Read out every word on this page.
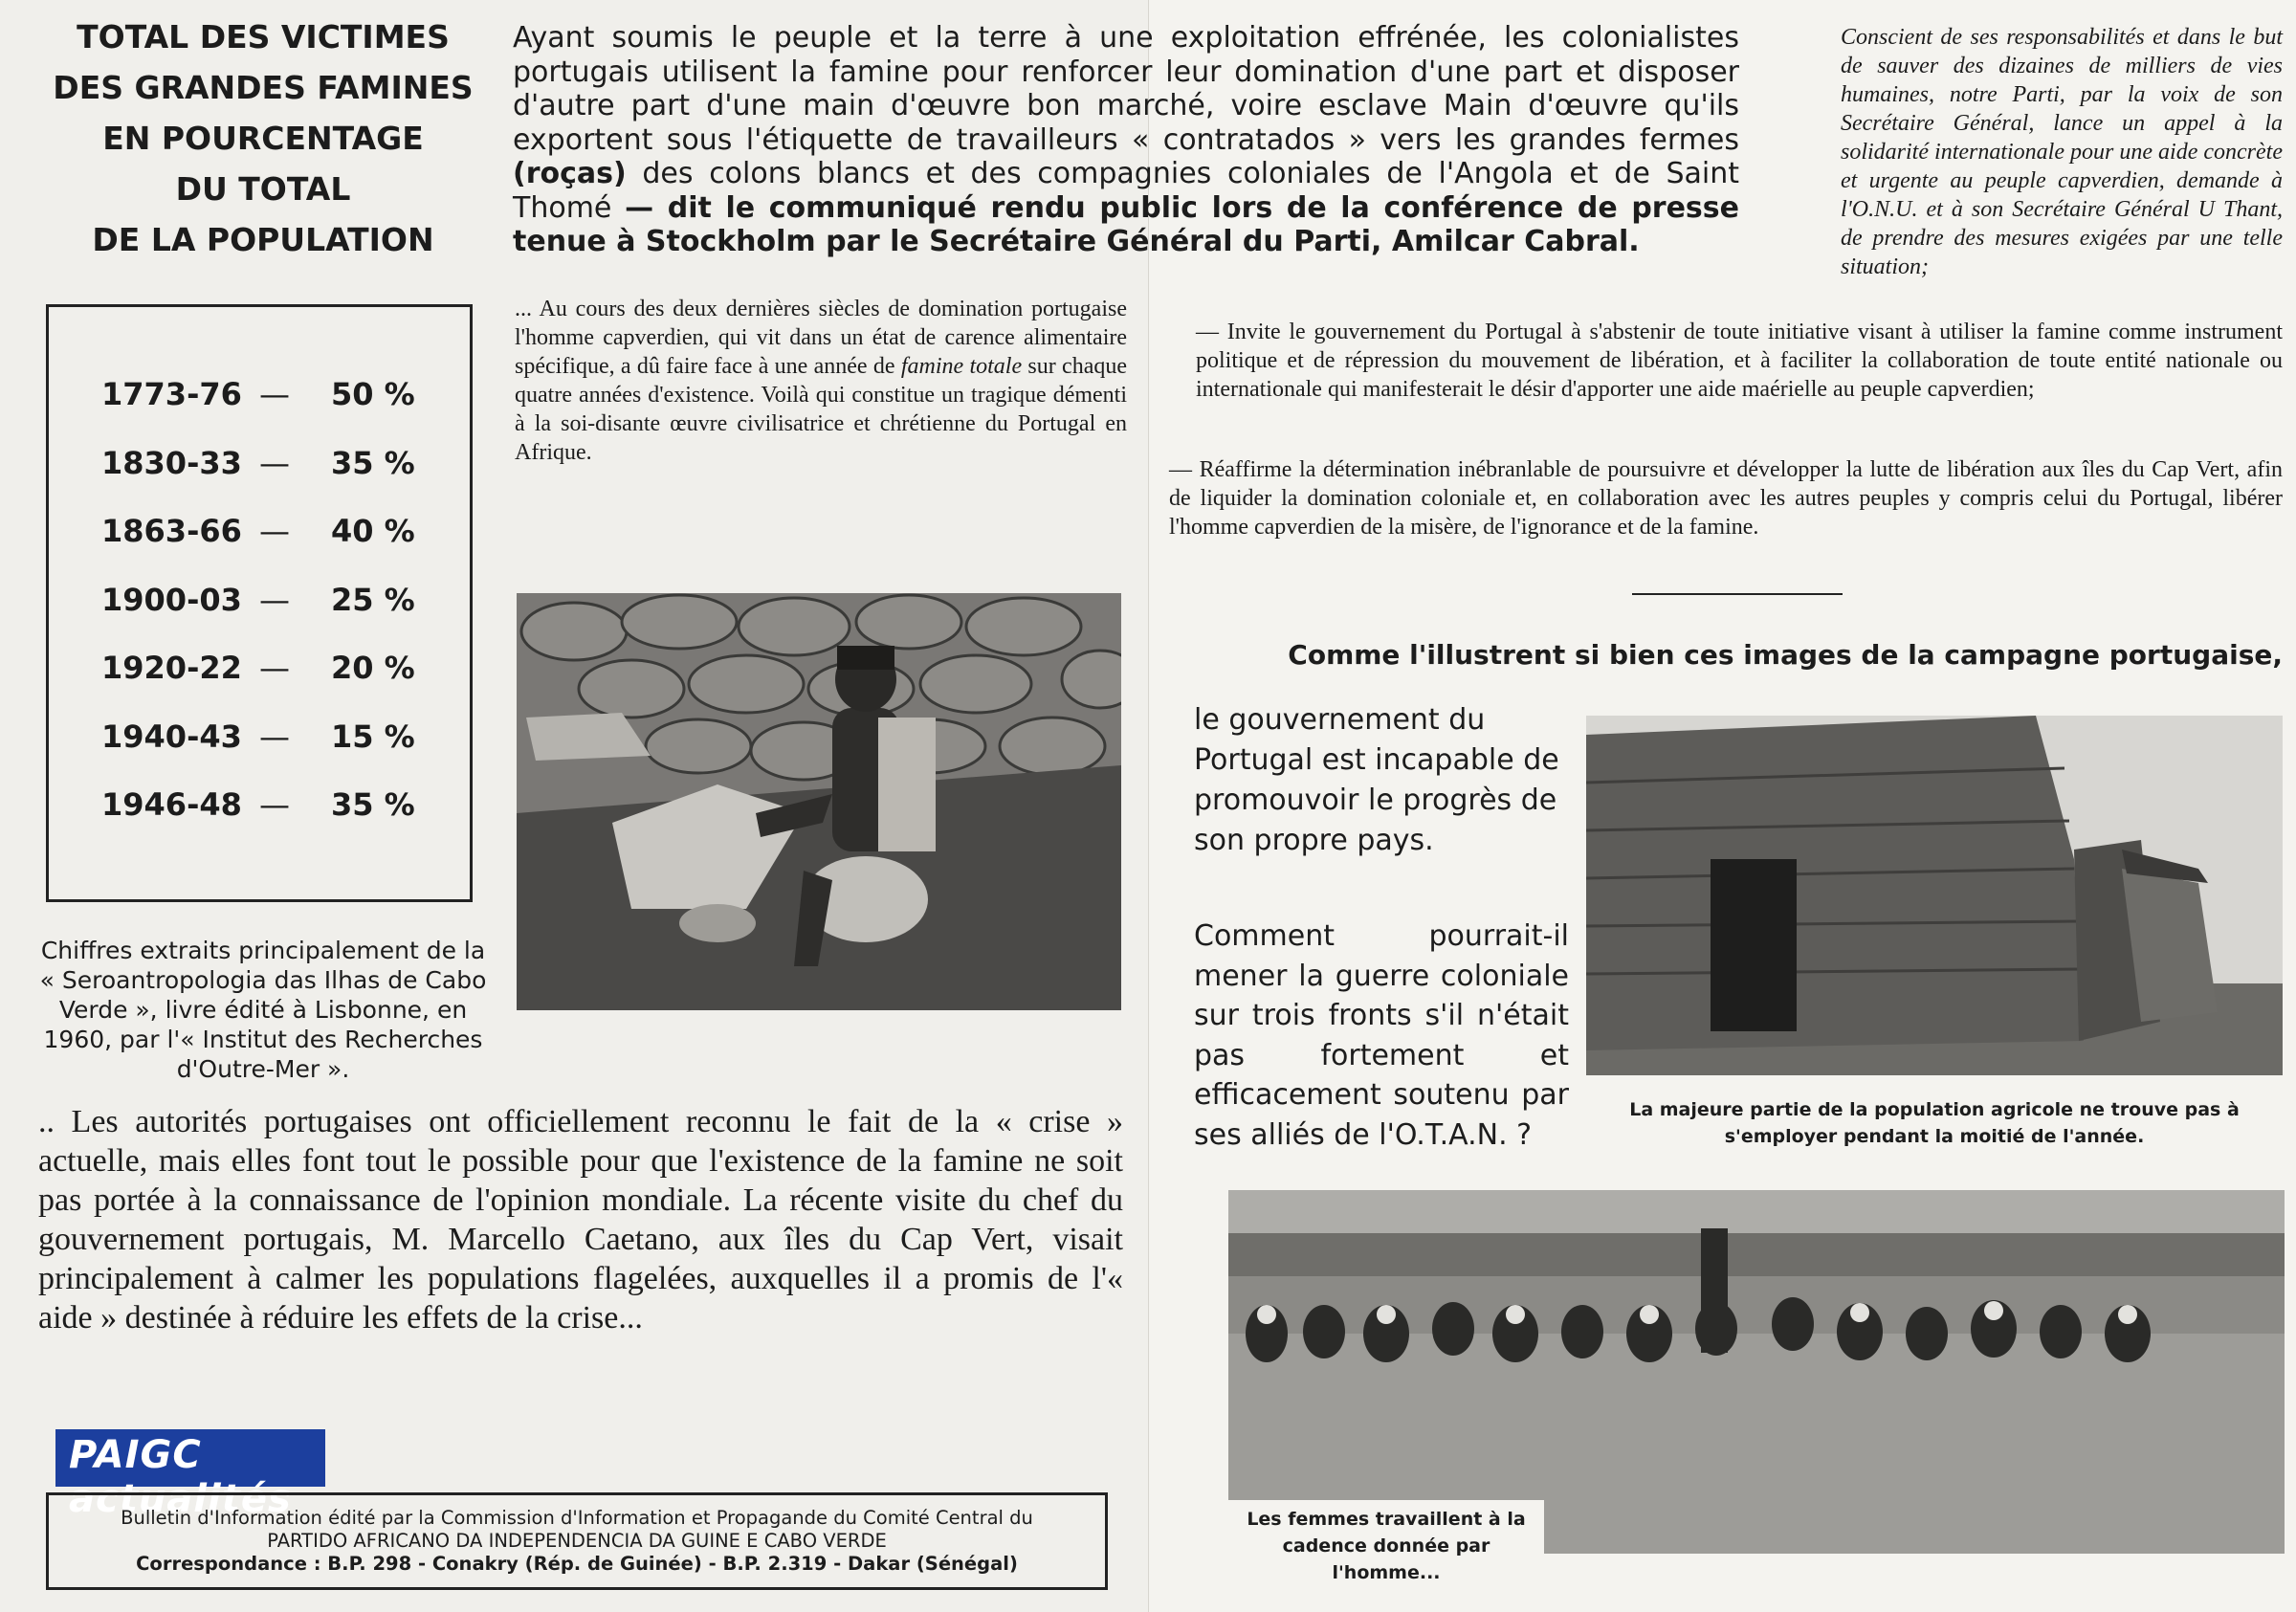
TOTAL DES VICTIMES
DES GRANDES FAMINES
EN POURCENTAGE
DU TOTAL
DE LA POPULATION
1773-76 — 50 %
1830-33 — 35 %
1863-66 — 40 %
1900-03 — 25 %
1920-22 — 20 %
1940-43 — 15 %
1946-48 — 35 %
Chiffres extraits principalement de la « Seroantropologia das Ilhas de Cabo Verde », livre édité à Lisbonne, en 1960, par l'« Institut des Recherches d'Outre-Mer ».
Ayant soumis le peuple et la terre à une exploitation effrénée, les colonialistes portugais utilisent la famine pour renforcer leur domination d'une part et disposer d'autre part d'une main d'œuvre bon marché, voire esclave Main d'œuvre qu'ils exportent sous l'étiquette de travailleurs « contratados » vers les grandes fermes (roças) des colons blancs et des compagnies coloniales de l'Angola et de Saint Thomé — dit le communiqué rendu public lors de la conférence de presse tenue à Stockholm par le Secrétaire Général du Parti, Amilcar Cabral.
... Au cours des deux dernières siècles de domination portugaise l'homme capverdien, qui vit dans un état de carence alimentaire spécifique, a dû faire face à une année de famine totale sur chaque quatre années d'existence. Voilà qui constitue un tragique démenti à la soi-disante œuvre civilisatrice et chrétienne du Portugal en Afrique.
.. Les autorités portugaises ont officiellement reconnu le fait de la « crise » actuelle, mais elles font tout le possible pour que l'existence de la famine ne soit pas portée à la connaissance de l'opinion mondiale. La récente visite du chef du gouvernement portugais, M. Marcello Caetano, aux îles du Cap Vert, visait principalement à calmer les populations flagelées, auxquelles il a promis de l'« aide » destinée à réduire les effets de la crise...
PAIGC actualités
Bulletin d'Information édité par la Commission d'Information et Propagande du Comité Central du
PARTIDO AFRICANO DA INDEPENDENCIA DA GUINE E CABO VERDE
Correspondance : B.P. 298 - Conakry (Rép. de Guinée) - B.P. 2.319 - Dakar (Sénégal)
Conscient de ses responsabilités et dans le but de sauver des dizaines de milliers de vies humaines, notre Parti, par la voix de son Secrétaire Général, lance un appel à la solidarité internationale pour une aide concrète et urgente au peuple capverdien, demande à l'O.N.U. et à son Secrétaire Général U Thant, de prendre des mesures exigées par une telle situation;
— Invite le gouvernement du Portugal à s'abstenir de toute initiative visant à utiliser la famine comme instrument politique et de répression du mouvement de libération, et à faciliter la collaboration de toute entité nationale ou internationale qui manifesterait le désir d'apporter une aide maérielle au peuple capverdien;
— Réaffirme la détermination inébranlable de poursuivre et développer la lutte de libération aux îles du Cap Vert, afin de liquider la domination coloniale et, en collaboration avec les autres peuples y compris celui du Portugal, libérer l'homme capverdien de la misère, de l'ignorance et de la famine.
Comme l'illustrent si bien ces images de la campagne portugaise,
le gouvernement du Portugal est incapable de promouvoir le progrès de son propre pays.
Comment pourrait-il mener la guerre coloniale sur trois fronts s'il n'était pas fortement et efficacement soutenu par ses alliés de l'O.T.A.N. ?
La majeure partie de la population agricole ne trouve pas à s'employer pendant la moitié de l'année.
Les femmes travaillent à la cadence donnée par l'homme...
